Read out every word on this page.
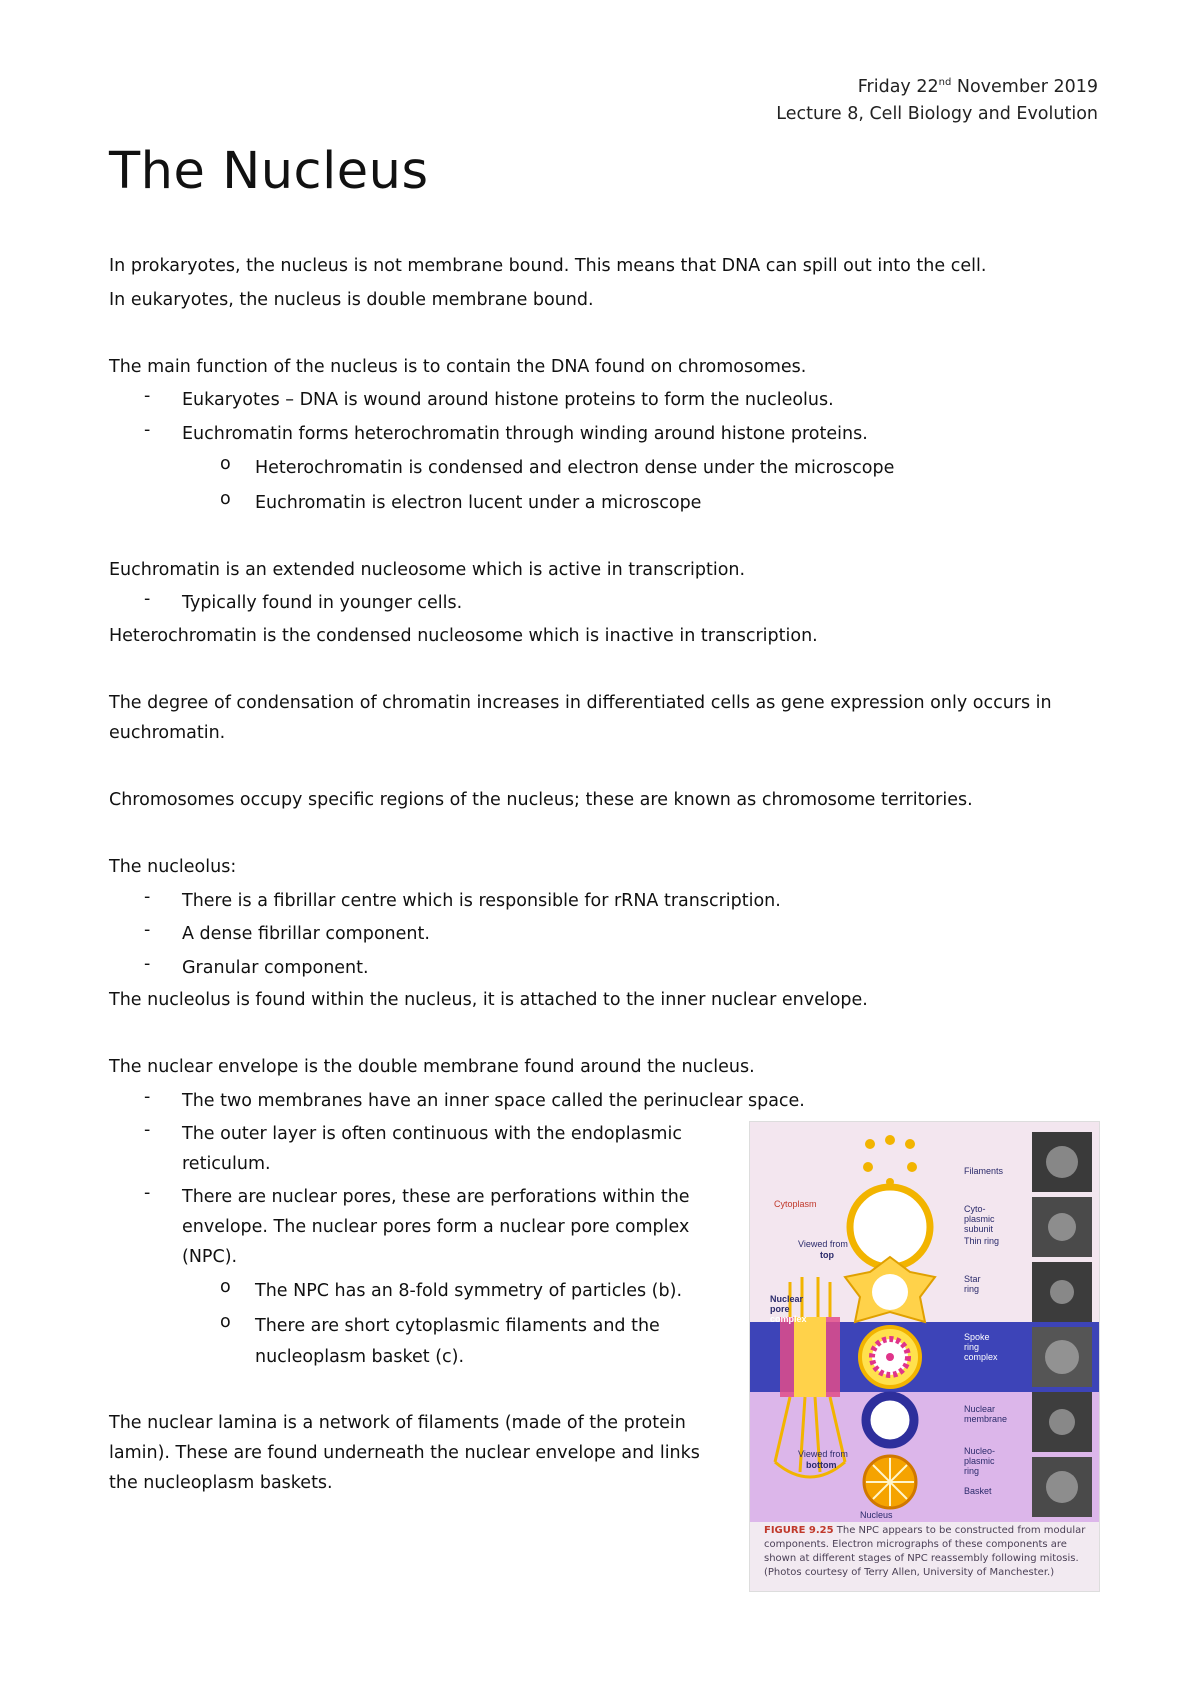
Friday 22nd November 2019
Lecture 8, Cell Biology and Evolution
The Nucleus
In prokaryotes, the nucleus is not membrane bound. This means that DNA can spill out into the cell.
In eukaryotes, the nucleus is double membrane bound.
The main function of the nucleus is to contain the DNA found on chromosomes.
- Eukaryotes – DNA is wound around histone proteins to form the nucleolus.
- Euchromatin forms heterochromatin through winding around histone proteins.
o Heterochromatin is condensed and electron dense under the microscope
o Euchromatin is electron lucent under a microscope
Euchromatin is an extended nucleosome which is active in transcription.
- Typically found in younger cells.
Heterochromatin is the condensed nucleosome which is inactive in transcription.
The degree of condensation of chromatin increases in differentiated cells as gene expression only occurs in
euchromatin.
Chromosomes occupy specific regions of the nucleus; these are known as chromosome territories.
The nucleolus:
- There is a fibrillar centre which is responsible for rRNA transcription.
- A dense fibrillar component.
- Granular component.
The nucleolus is found within the nucleus, it is attached to the inner nuclear envelope.
The nuclear envelope is the double membrane found around the nucleus.
- The two membranes have an inner space called the perinuclear space.
- The outer layer is often continuous with the endoplasmic
reticulum.
- There are nuclear pores, these are perforations within the
envelope. The nuclear pores form a nuclear pore complex
(NPC).
o The NPC has an 8-fold symmetry of particles (b).
o There are short cytoplasmic filaments and the
nucleoplasm basket (c).
The nuclear lamina is a network of filaments (made of the protein
lamin). These are found underneath the nuclear envelope and links
the nucleoplasm baskets.
Cytoplasm
Viewed from
top
Nuclear
pore
complex
Viewed from
bottom
Nucleus
Filaments
Cyto-
plasmic
subunit
Thin ring
Star
ring
Spoke
ring
complex
Nuclear
membrane
Nucleo-
plasmic
ring
Basket
FIGURE 9.25 The NPC appears to be constructed from modular components. Electron micrographs of these components are shown at different stages of NPC reassembly following mitosis. (Photos courtesy of Terry Allen, University of Manchester.)
